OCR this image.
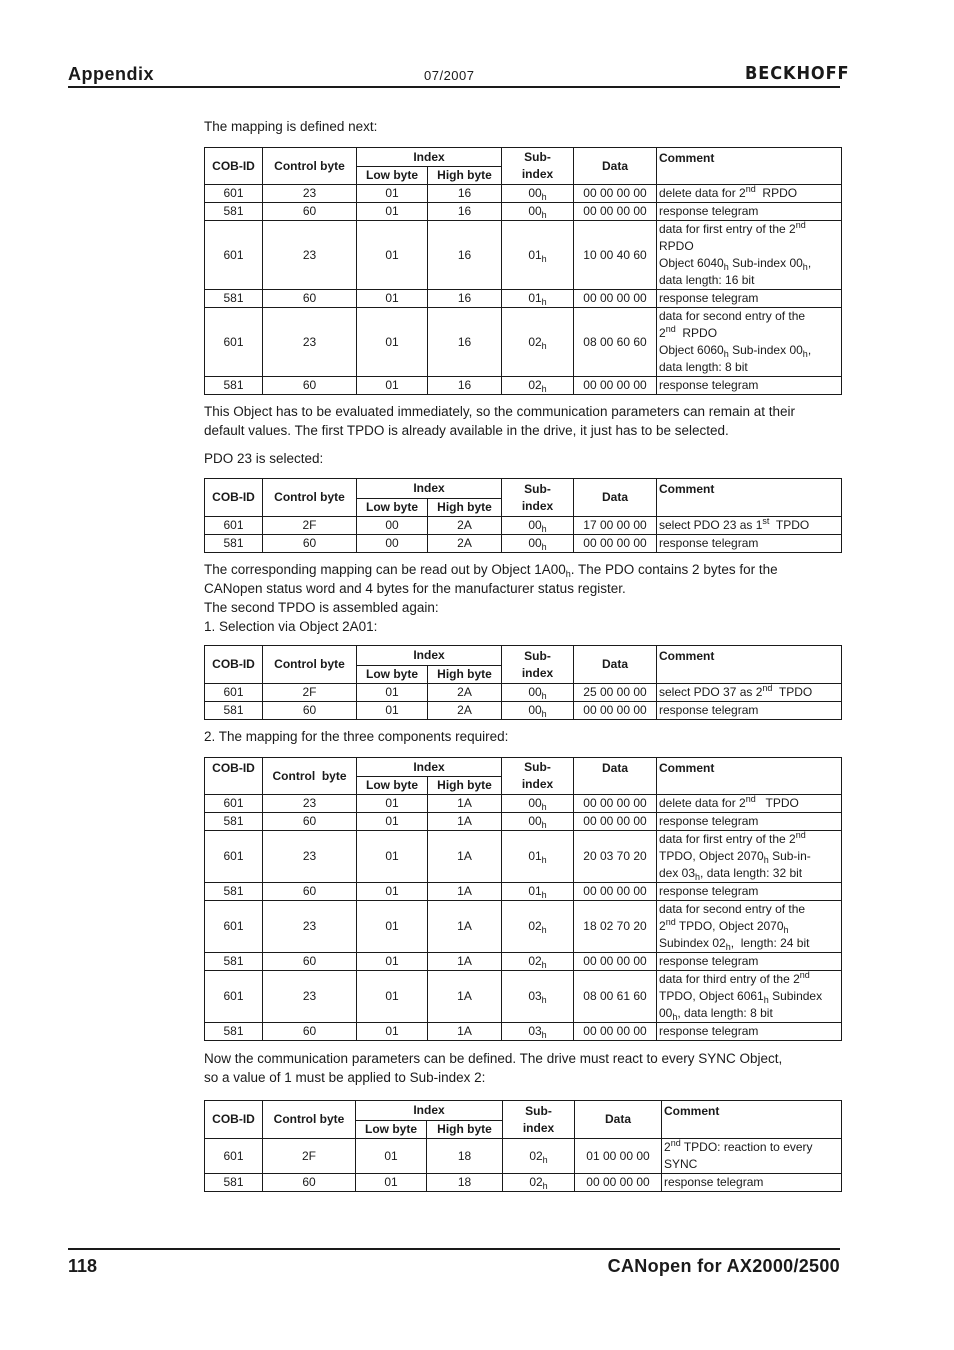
Appendix	07/2007	BECKHOFF
The mapping is defined next:
COB-ID	Control byte	Index		Sub-
index	Data	Comment
		Low byte	High byte			
601	23	01	16	$00_h$	00 00 00 00	delete data for 2nd  RPDO
581	60	01	16	$00_h$	00 00 00 00	response telegram
601	23	01	16	$01_h$	10 00 40 60	data for first entry of the 2nd
RPDO
Object $6040_h$ Sub-index $00_h$,
data length: 16 bit

581	60	01	16	$01_h$	00 00 00 00	response telegram
601	23	01	16	$02_h$	08 00 60 60	data for second entry of the
2nd  RPDO
Object $6060_h$ Sub-index $00_h$,
data length: 8 bit

581	60	01	16	$02_h$	00 00 00 00	response telegram
This Object has to be evaluated immediately, so the communication parameters can remain at their
default values. The first TPDO is already available in the drive, it just has to be selected.
PDO 23 is selected:
COB-ID	Control byte	Index		Sub-
index	Data	Comment
		Low byte	High byte			
601	2F	00	2A	$00_h$	17 00 00 00	select PDO 23 as 1st  TPDO
581	60	00	2A	$00_h$	00 00 00 00	response telegram
The corresponding mapping can be read out by Object $1A00_h$. The PDO contains 2 bytes for the
CANopen status word and 4 bytes for the manufacturer status register.
The second TPDO is assembled again:
1. Selection via Object 2A01:
COB-ID	Control byte	Index		Sub-
index	Data	Comment
		Low byte	High byte			
601	2F	01	2A	$00_h$	25 00 00 00	select PDO 37 as 2nd  TPDO
581	60	01	2A	$00_h$	00 00 00 00	response telegram
2. The mapping for the three components required:
COB-ID	Control  byte	Index		Sub-
index	Data	Comment
		Low byte	High byte			
601	23	01	1A	$00_h$	00 00 00 00	delete data for 2nd   TPDO
581	60	01	1A	$00_h$	00 00 00 00	response telegram
601	23	01	1A	$01_h$	20 03 70 20	data for first entry of the 2nd
TPDO, Object $2070_h$ Sub-in-
dex $03_h$, data length: 32 bit

581	60	01	1A	$01_h$	00 00 00 00	response telegram
601	23	01	1A	$02_h$	18 02 70 20	data for second entry of the
2nd TPDO, Object $2070_h$
Subindex $02_h$,  length: 24 bit

581	60	01	1A	$02_h$	00 00 00 00	response telegram
601	23	01	1A	$03_h$	08 00 61 60	data for third entry of the 2nd
TPDO, Object $6061_h$ Subindex
$00_h$, data length: 8 bit

581	60	01	1A	$03_h$	00 00 00 00	response telegram
Now the communication parameters can be defined. The drive must react to every SYNC Object,
so a value of 1 must be applied to Sub-index 2:
COB-ID	Control byte	Index		Sub-
index	Data	Comment
		Low byte	High byte			
601	2F	01	18	$02_h$	01 00 00 00	2nd TPDO: reaction to every
SYNC

581	60	01	18	$02_h$	00 00 00 00	response telegram
118	CANopen for AX2000/2500
